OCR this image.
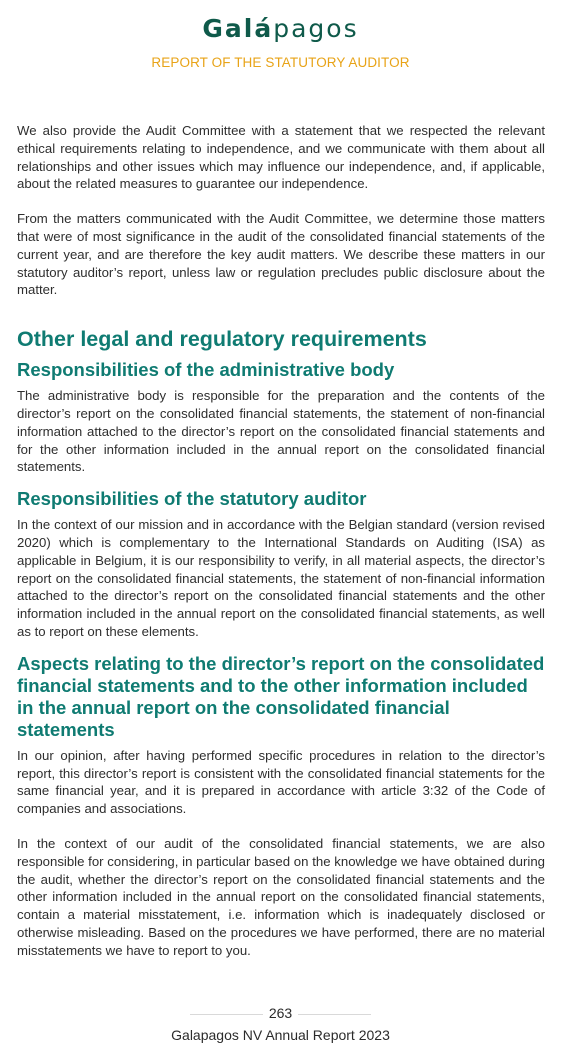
Galápagos
REPORT OF THE STATUTORY AUDITOR

We also provide the Audit Committee with a statement that we respected the relevant ethical requirements relating to independence, and we communicate with them about all relationships and other issues which may influence our independence, and, if applicable, about the related measures to guarantee our independence.

From the matters communicated with the Audit Committee, we determine those matters that were of most significance in the audit of the consolidated financial statements of the current year, and are therefore the key audit matters. We describe these matters in our statutory auditor’s report, unless law or regulation precludes public disclosure about the matter.

Other legal and regulatory requirements
Responsibilities of the administrative body

The administrative body is responsible for the preparation and the contents of the director’s report on the consolidated financial statements, the statement of non-financial information attached to the director’s report on the consolidated financial statements and for the other information included in the annual report on the consolidated financial statements.

Responsibilities of the statutory auditor

In the context of our mission and in accordance with the Belgian standard (version revised 2020) which is complementary to the International Standards on Auditing (ISA) as applicable in Belgium, it is our responsibility to verify, in all material aspects, the director’s report on the consolidated financial statements, the statement of non-financial information attached to the director’s report on the consolidated financial statements and the other information included in the annual report on the consolidated financial statements, as well as to report on these elements.

Aspects relating to the director’s report on the consolidated financial statements and to the other information included in the annual report on the consolidated financial statements

In our opinion, after having performed specific procedures in relation to the director’s report, this director’s report is consistent with the consolidated financial statements for the same financial year, and it is prepared in accordance with article 3:32 of the Code of companies and associations.

In the context of our audit of the consolidated financial statements, we are also responsible for considering, in particular based on the knowledge we have obtained during the audit, whether the director’s report on the consolidated financial statements and the other information included in the annual report on the consolidated financial statements, contain a material misstatement, i.e. information which is inadequately disclosed or otherwise misleading. Based on the procedures we have performed, there are no material misstatements we have to report to you.

263
Galapagos NV Annual Report 2023
